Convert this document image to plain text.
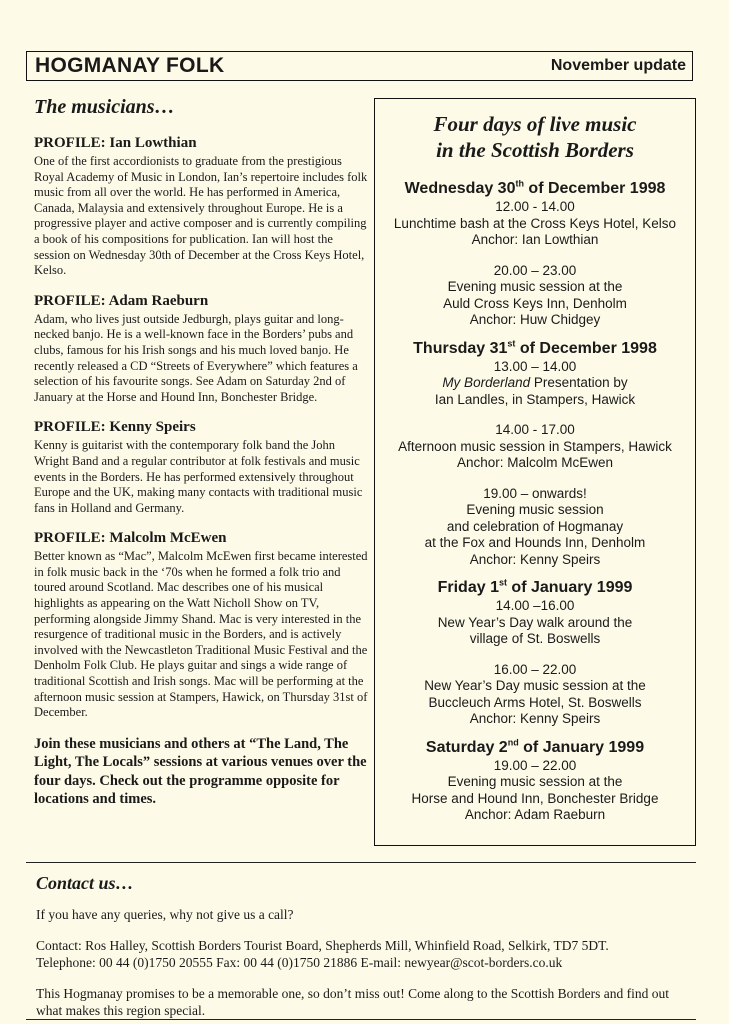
HOGMANAY FOLK	November update
The musicians…
PROFILE: Ian Lowthian

One of the first accordionists to graduate from the prestigious Royal Academy of Music in London, Ian’s repertoire includes folk music from all over the world. He has performed in America, Canada, Malaysia and extensively throughout Europe. He is a progressive player and active composer and is currently compiling a book of his compositions for publication. Ian will host the session on Wednesday 30th of December at the Cross Keys Hotel, Kelso.

PROFILE: Adam Raeburn

Adam, who lives just outside Jedburgh, plays guitar and long-necked banjo. He is a well-known face in the Borders’ pubs and clubs, famous for his Irish songs and his much loved banjo. He recently released a CD “Streets of Everywhere” which features a selection of his favourite songs. See Adam on Saturday 2nd of January at the Horse and Hound Inn, Bonchester Bridge.

PROFILE: Kenny Speirs

Kenny is guitarist with the contemporary folk band the John Wright Band and a regular contributor at folk festivals and music events in the Borders. He has performed extensively throughout Europe and the UK, making many contacts with traditional music fans in Holland and Germany.

PROFILE: Malcolm McEwen

Better known as “Mac”, Malcolm McEwen first became interested in folk music back in the ‘70s when he formed a folk trio and toured around Scotland. Mac describes one of his musical highlights as appearing on the Watt Nicholl Show on TV, performing alongside Jimmy Shand. Mac is very interested in the resurgence of traditional music in the Borders, and is actively involved with the Newcastleton Traditional Music Festival and the Denholm Folk Club. He plays guitar and sings a wide range of traditional Scottish and Irish songs. Mac will be performing at the afternoon music session at Stampers, Hawick, on Thursday 31st of December.

Join these musicians and others at “The Land, The Light, The Locals” sessions at various venues over the four days. Check out the programme opposite for locations and times.
Four days of live music
in the Scottish Borders
Wednesday 30th of December 1998
12.00 - 14.00
Lunchtime bash at the Cross Keys Hotel, Kelso
Anchor: Ian Lowthian
20.00 – 23.00
Evening music session at the
Auld Cross Keys Inn, Denholm
Anchor: Huw Chidgey
Thursday 31st of December 1998
13.00 – 14.00
My Borderland Presentation by
Ian Landles, in Stampers, Hawick
14.00 - 17.00
Afternoon music session in Stampers, Hawick
Anchor: Malcolm McEwen
19.00 – onwards!
Evening music session
and celebration of Hogmanay
at the Fox and Hounds Inn, Denholm
Anchor: Kenny Speirs
Friday 1st of January 1999
14.00 –16.00
New Year’s Day walk around the
village of St. Boswells
16.00 – 22.00
New Year’s Day music session at the
Buccleuch Arms Hotel, St. Boswells
Anchor: Kenny Speirs
Saturday 2nd of January 1999
19.00 – 22.00
Evening music session at the
Horse and Hound Inn, Bonchester Bridge
Anchor: Adam Raeburn
Contact us…

If you have any queries, why not give us a call?

Contact: Ros Halley, Scottish Borders Tourist Board, Shepherds Mill, Whinfield Road, Selkirk, TD7 5DT.

Telephone: 00 44 (0)1750 20555 Fax: 00 44 (0)1750 21886 E-mail: newyear@scot-borders.co.uk

This Hogmanay promises to be a memorable one, so don’t miss out! Come along to the Scottish Borders and find out what makes this region special.
